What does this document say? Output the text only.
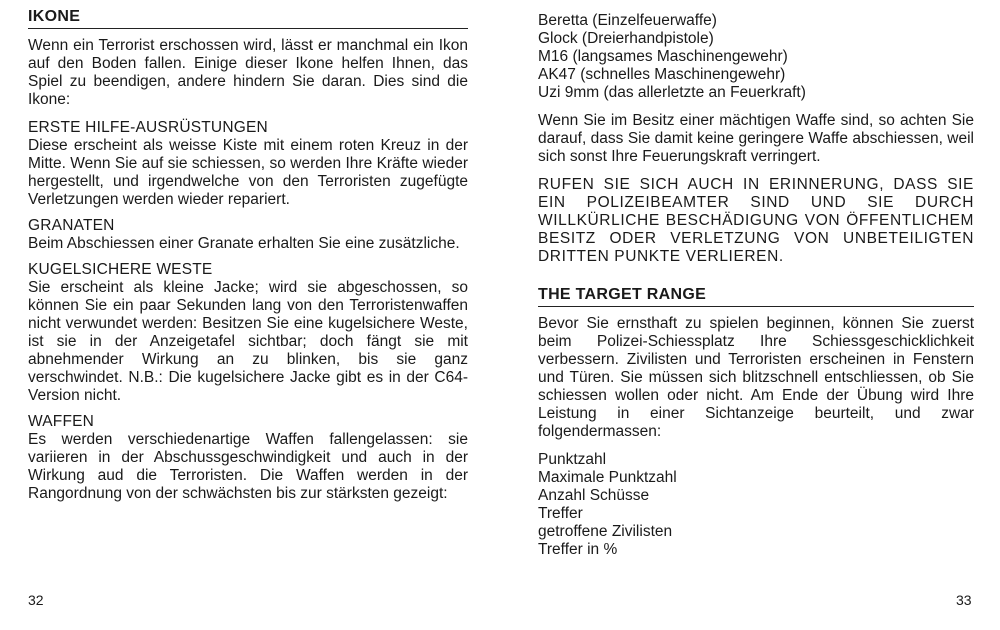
IKONE

Wenn ein Terrorist erschossen wird, lässt er manchmal ein Ikon auf den Boden fallen. Einige dieser Ikone helfen Ihnen, das Spiel zu beendigen, andere hindern Sie daran. Dies sind die Ikone:

ERSTE HILFE-AUSRÜSTUNGEN

Diese erscheint als weisse Kiste mit einem roten Kreuz in der Mitte. Wenn Sie auf sie schiessen, so werden Ihre Kräfte wieder hergestellt, und irgendwelche von den Terroristen zugefügte Verletzungen werden wieder repariert.

GRANATEN

Beim Abschiessen einer Granate erhalten Sie eine zusätzliche.

KUGELSICHERE WESTE

Sie erscheint als kleine Jacke; wird sie abgeschossen, so können Sie ein paar Sekunden lang von den Terroristenwaffen nicht verwundet werden: Besitzen Sie eine kugelsichere Weste, ist sie in der Anzeigetafel sichtbar; doch fängt sie mit abnehmender Wirkung an zu blinken, bis sie ganz verschwindet. N.B.: Die kugelsichere Jacke gibt es in der C64-Version nicht.

WAFFEN

Es werden verschiedenartige Waffen fallengelassen: sie variieren in der Abschussgeschwindigkeit und auch in der Wirkung aud die Terroristen. Die Waffen werden in der Rangordnung von der schwächsten bis zur stärksten gezeigt:

Beretta (Einzelfeuerwaffe)
Glock (Dreierhandpistole)
M16 (langsames Maschinengewehr)
AK47 (schnelles Maschinengewehr)
Uzi 9mm (das allerletzte an Feuerkraft)

Wenn Sie im Besitz einer mächtigen Waffe sind, so achten Sie darauf, dass Sie damit keine geringere Waffe abschiessen, weil sich sonst Ihre Feuerungskraft verringert.

RUFEN SIE SICH AUCH IN ERINNERUNG, DASS SIE EIN POLIZEIBEAMTER SIND UND SIE DURCH WILLKÜRLICHE BESCHÄDIGUNG VON ÖFFENTLICHEM BESITZ ODER VERLETZUNG VON UNBETEILIGTEN DRITTEN PUNKTE VERLIEREN.

THE TARGET RANGE

Bevor Sie ernsthaft zu spielen beginnen, können Sie zuerst beim Polizei-Schiessplatz Ihre Schiessgeschicklichkeit verbessern. Zivilisten und Terroristen erscheinen in Fenstern und Türen. Sie müssen sich blitzschnell entschliessen, ob Sie schiessen wollen oder nicht. Am Ende der Übung wird Ihre Leistung in einer Sichtanzeige beurteilt, und zwar folgendermassen:

Punktzahl
Maximale Punktzahl
Anzahl Schüsse
Treffer
getroffene Zivilisten
Treffer in %
32	33
